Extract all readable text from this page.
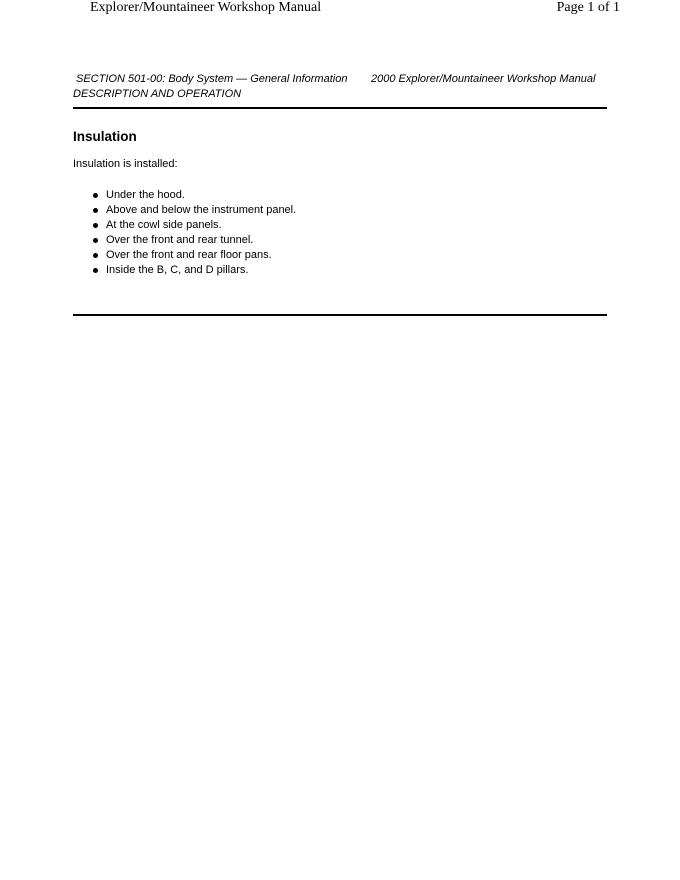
Explorer/Mountaineer Workshop Manual	Page 1 of 1
SECTION 501-00: Body System — General Information 2000 Explorer/Mountaineer Workshop Manual
DESCRIPTION AND OPERATION
Insulation
Insulation is installed:
Under the hood.
Above and below the instrument panel.
At the cowl side panels.
Over the front and rear tunnel.
Over the front and rear floor pans.
Inside the B, C, and D pillars.
